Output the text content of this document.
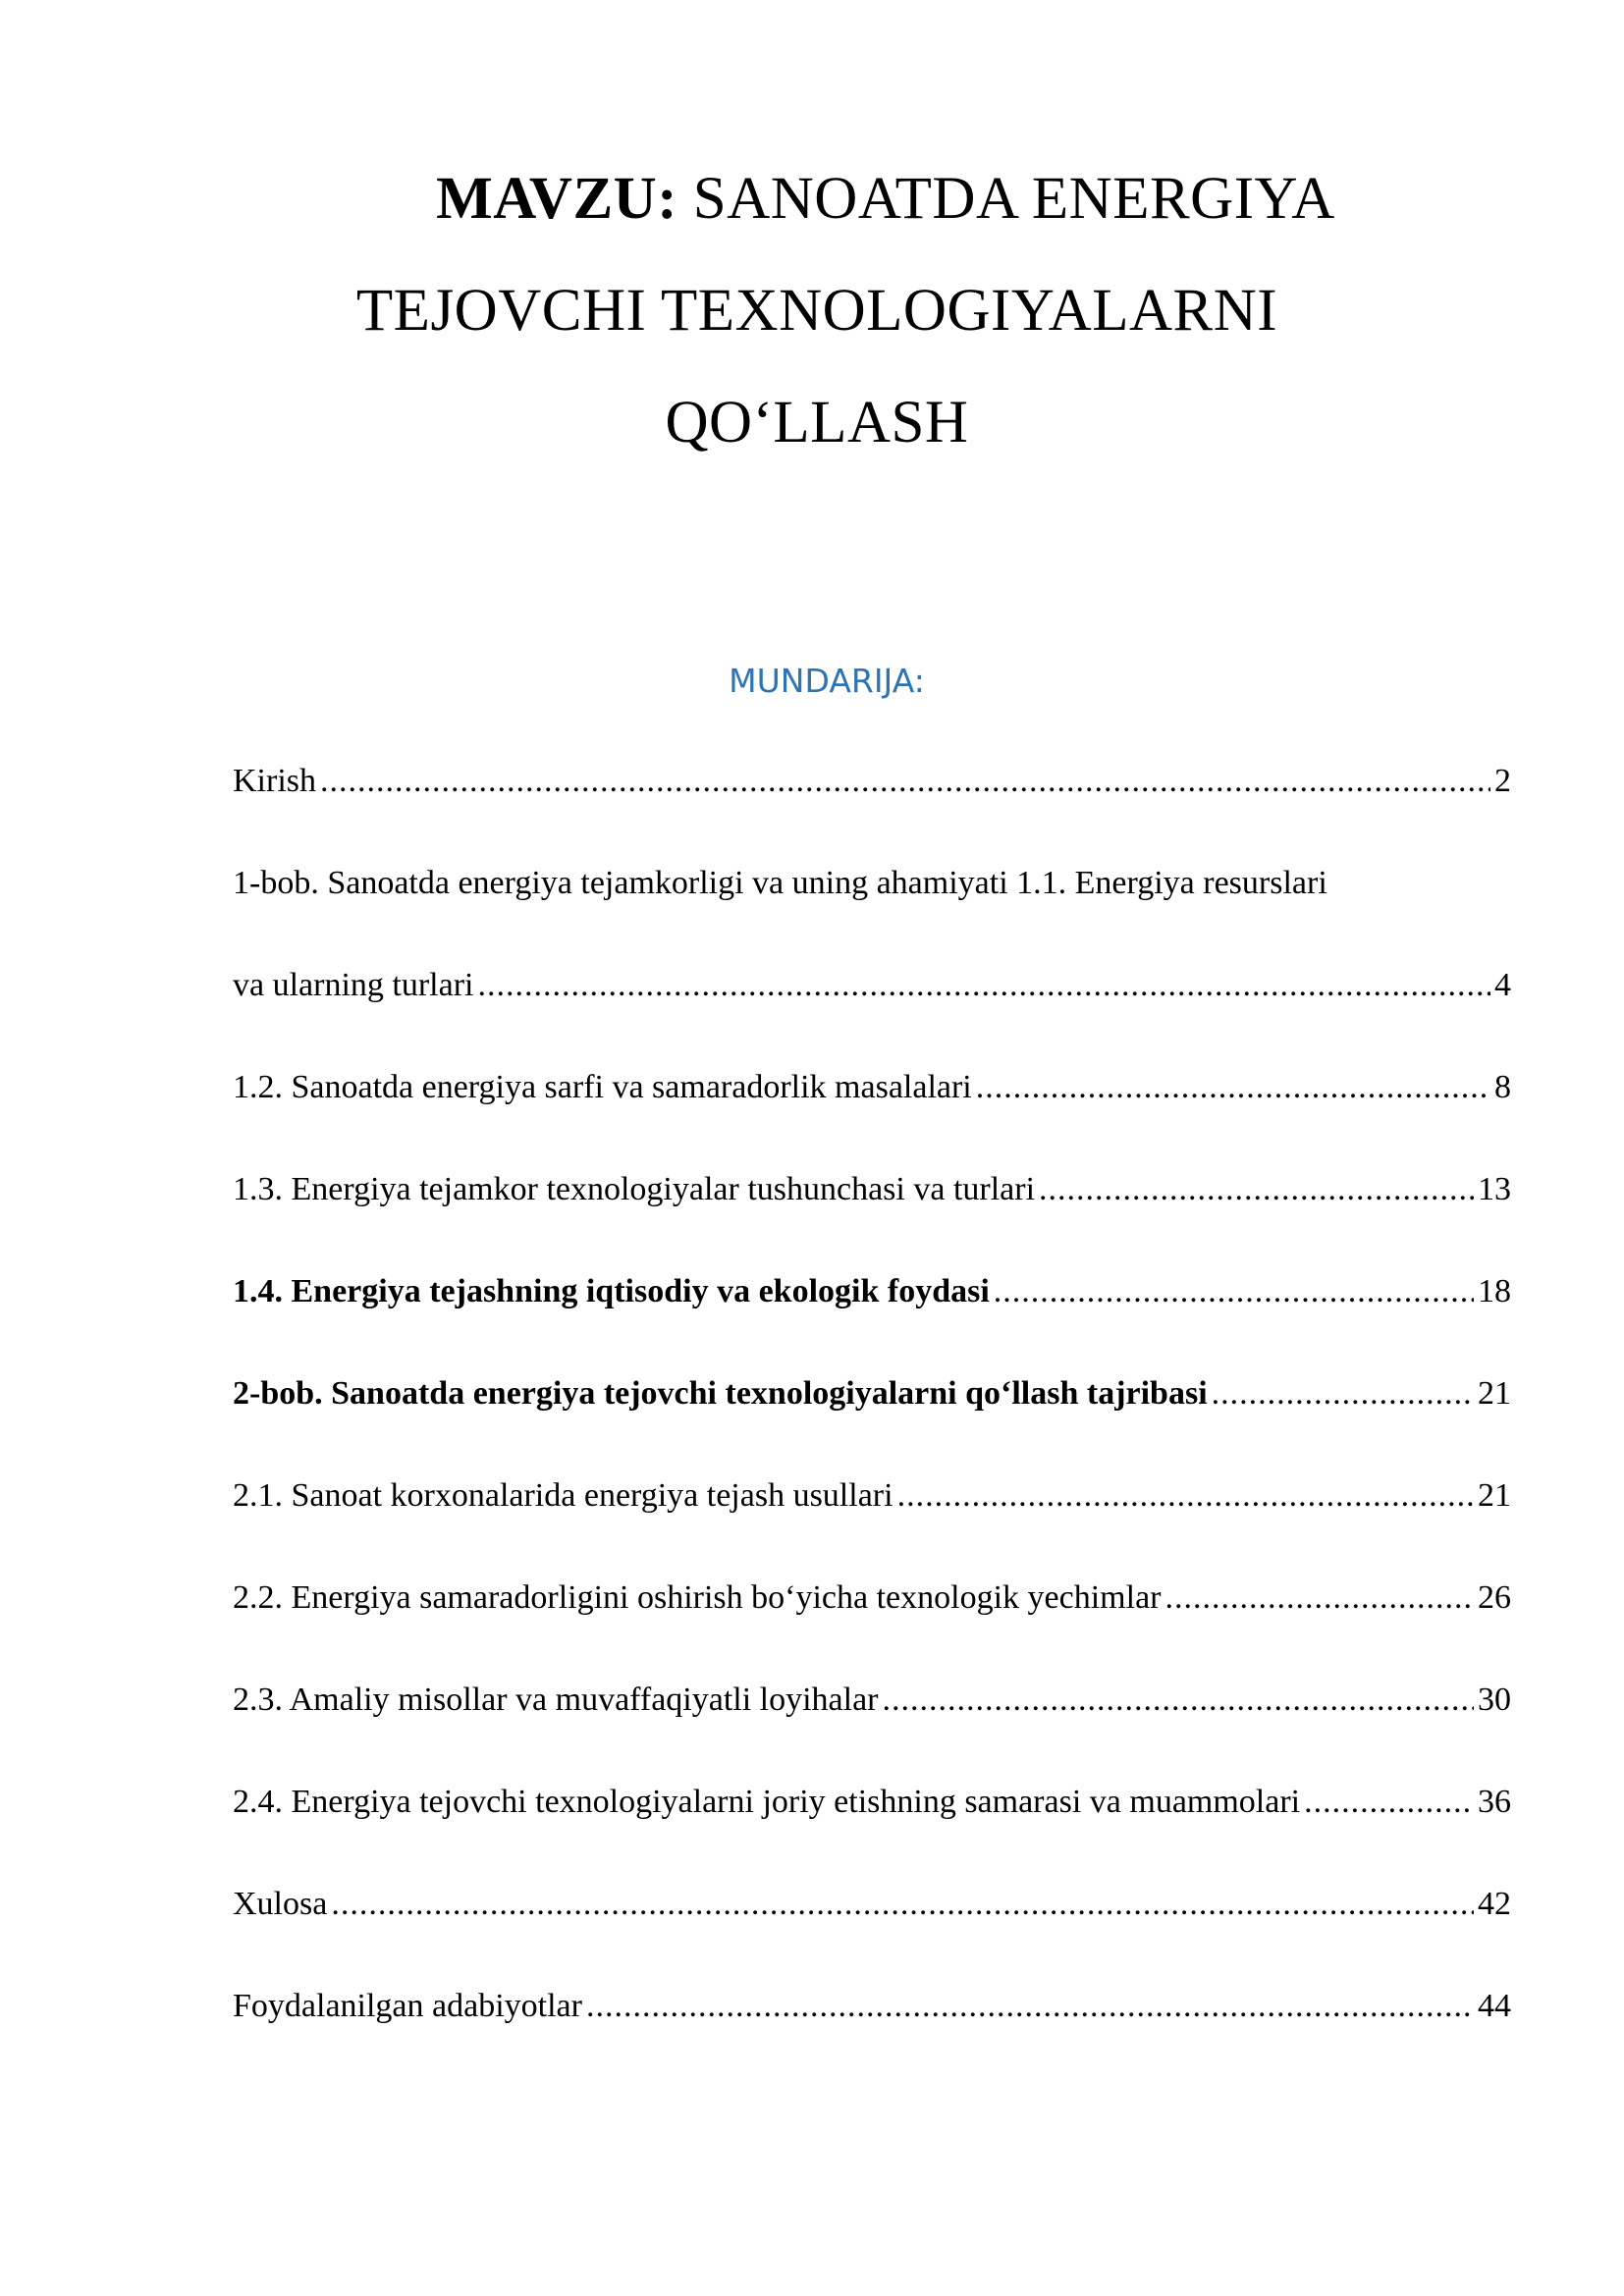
MAVZU: SANOATDA ENERGIYA
TEJOVCHI TEXNOLOGIYALARNI
QO‘LLASH
MUNDARIJA:
Kirish .....	2
1-bob. Sanoatda energiya tejamkorligi va uning ahamiyati 1.1. Energiya resurslari
va ularning turlari .....	4
1.2. Sanoatda energiya sarfi va samaradorlik masalalari .....	8
1.3. Energiya tejamkor texnologiyalar tushunchasi va turlari .....	13
1.4. Energiya tejashning iqtisodiy va ekologik foydasi .....	18
2-bob. Sanoatda energiya tejovchi texnologiyalarni qo‘llash tajribasi .....	21
2.1. Sanoat korxonalarida energiya tejash usullari .....	21
2.2. Energiya samaradorligini oshirish bo‘yicha texnologik yechimlar .....	26
2.3. Amaliy misollar va muvaffaqiyatli loyihalar .....	30
2.4. Energiya tejovchi texnologiyalarni joriy etishning samarasi va muammolari .....	36
Xulosa .....	42
Foydalanilgan adabiyotlar .....	44
